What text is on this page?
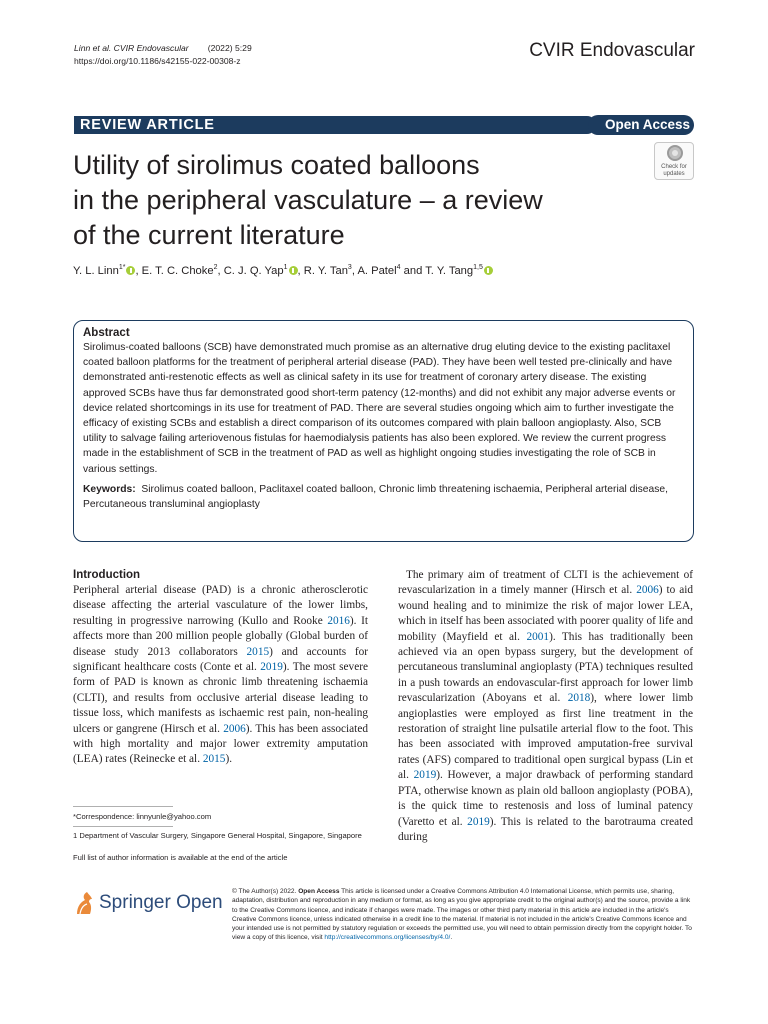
Linn et al. CVIR Endovascular (2022) 5:29
https://doi.org/10.1186/s42155-022-00308-z	CVIR Endovascular
REVIEW ARTICLE	Open Access
Utility of sirolimus coated balloons
in the peripheral vasculature – a review
of the current literature
Check for
updates
Y. L. Linn$^{1*}$ , E. T. C. Choke$^2$, C. J. Q. Yap$^1$ , R. Y. Tan$^3$, A. Patel$^4$ and T. Y. Tang$^{1,5}$
Abstract

Sirolimus-coated balloons (SCB) have demonstrated much promise as an alternative drug eluting device to the existing paclitaxel coated balloon platforms for the treatment of peripheral arterial disease (PAD). They have been well tested pre-clinically and have demonstrated anti-restenotic effects as well as clinical safety in its use for treatment of coronary artery disease. The existing approved SCBs have thus far demonstrated good short-term patency (12-months) and did not exhibit any major adverse events or device related shortcomings in its use for treatment of PAD. There are several studies ongoing which aim to further investigate the efficacy of existing SCBs and establish a direct comparison of its outcomes compared with plain balloon angioplasty. Also, SCB utility to salvage failing arteriovenous fistulas for haemodialysis patients has also been explored. We review the current progress made in the establishment of SCB in the treatment of PAD as well as highlight ongoing studies investigating the role of SCB in various settings.

Keywords: Sirolimus coated balloon, Paclitaxel coated balloon, Chronic limb threatening ischaemia, Peripheral arterial disease, Percutaneous transluminal angioplasty
Introduction

Peripheral arterial disease (PAD) is a chronic atherosclerotic disease affecting the arterial vasculature of the lower limbs, resulting in progressive narrowing (Kullo and Rooke 2016). It affects more than 200 million people globally (Global burden of disease study 2013 collaborators 2015) and accounts for significant healthcare costs (Conte et al. 2019). The most severe form of PAD is known as chronic limb threatening ischaemia (CLTI), and results from occlusive arterial disease leading to tissue loss, which manifests as ischaemic rest pain, non-healing ulcers or gangrene (Hirsch et al. 2006). This has been associated with high mortality and major lower extremity amputation (LEA) rates (Reinecke et al. 2015).

The primary aim of treatment of CLTI is the achievement of revascularization in a timely manner (Hirsch et al. 2006) to aid wound healing and to minimize the risk of major lower LEA, which in itself has been associated with poorer quality of life and mobility (Mayfield et al. 2001). This has traditionally been achieved via an open bypass surgery, but the development of percutaneous transluminal angioplasty (PTA) techniques resulted in a push towards an endovascular-first approach for lower limb revascularization (Aboyans et al. 2018), where lower limb angioplasties were employed as first line treatment in the restoration of straight line pulsatile arterial flow to the foot. This has been associated with improved amputation-free survival rates (AFS) compared to traditional open surgical bypass (Lin et al. 2019). However, a major drawback of performing standard PTA, otherwise known as plain old balloon angioplasty (POBA), is the quick time to restenosis and loss of luminal patency (Varetto et al. 2019). This is related to the barotrauma created during

*Correspondence: linnyunle@yahoo.com
1 Department of Vascular Surgery, Singapore General Hospital, Singapore, Singapore
Full list of author information is available at the end of the article
Springer Open
© The Author(s) 2022. Open Access This article is licensed under a Creative Commons Attribution 4.0 International License, which permits use, sharing, adaptation, distribution and reproduction in any medium or format, as long as you give appropriate credit to the original author(s) and the source, provide a link to the Creative Commons licence, and indicate if changes were made. The images or other third party material in this article are included in the article's Creative Commons licence, unless indicated otherwise in a credit line to the material. If material is not included in the article's Creative Commons licence and your intended use is not permitted by statutory regulation or exceeds the permitted use, you will need to obtain permission directly from the copyright holder. To view a copy of this licence, visit http://creativecommons.org/licenses/by/4.0/.
